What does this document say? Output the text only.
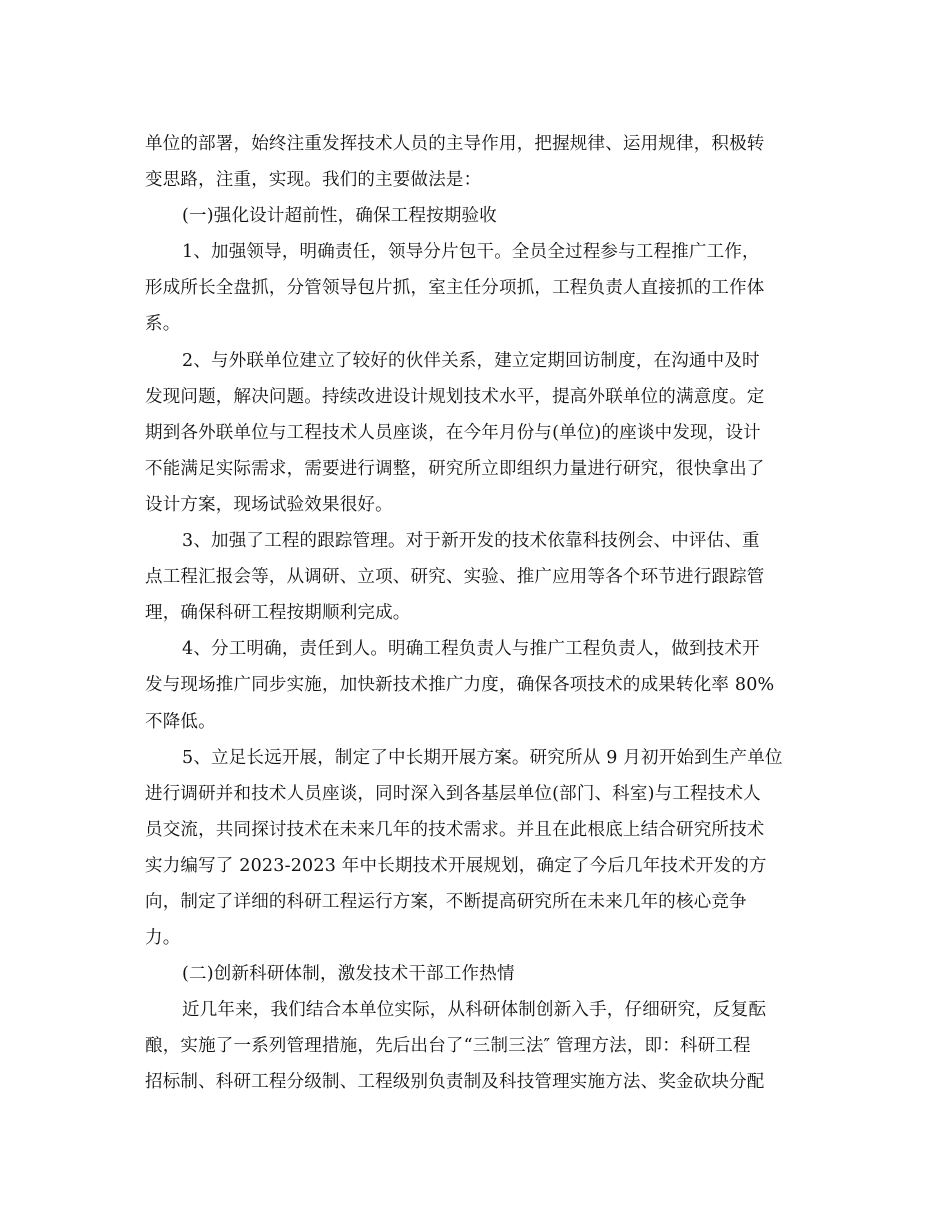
单位的部署，始终注重发挥技术人员的主导作用，把握规律、运用规律，积极转
变思路，注重，实现。我们的主要做法是：
(一)强化设计超前性，确保工程按期验收
1、加强领导，明确责任，领导分片包干。全员全过程参与工程推广工作，
形成所长全盘抓，分管领导包片抓，室主任分项抓，工程负责人直接抓的工作体
系。
2、与外联单位建立了较好的伙伴关系，建立定期回访制度，在沟通中及时
发现问题，解决问题。持续改进设计规划技术水平，提高外联单位的满意度。定
期到各外联单位与工程技术人员座谈，在今年月份与(单位)的座谈中发现，设计
不能满足实际需求，需要进行调整，研究所立即组织力量进行研究，很快拿出了
设计方案，现场试验效果很好。
3、加强了工程的跟踪管理。对于新开发的技术依靠科技例会、中评估、重
点工程汇报会等，从调研、立项、研究、实验、推广应用等各个环节进行跟踪管
理，确保科研工程按期顺利完成。
4、分工明确，责任到人。明确工程负责人与推广工程负责人，做到技术开
发与现场推广同步实施，加快新技术推广力度，确保各项技术的成果转化率 80%
不降低。
5、立足长远开展，制定了中长期开展方案。研究所从 9 月初开始到生产单位
进行调研并和技术人员座谈，同时深入到各基层单位(部门、科室)与工程技术人
员交流，共同探讨技术在未来几年的技术需求。并且在此根底上结合研究所技术
实力编写了 2023-2023 年中长期技术开展规划，确定了今后几年技术开发的方
向，制定了详细的科研工程运行方案，不断提高研究所在未来几年的核心竞争
力。
(二)创新科研体制，激发技术干部工作热情
近几年来，我们结合本单位实际，从科研体制创新入手，仔细研究，反复酝
酿，实施了一系列管理措施，先后出台了“三制三法″ 管理方法，即：科研工程
招标制、科研工程分级制、工程级别负责制及科技管理实施方法、奖金砍块分配
